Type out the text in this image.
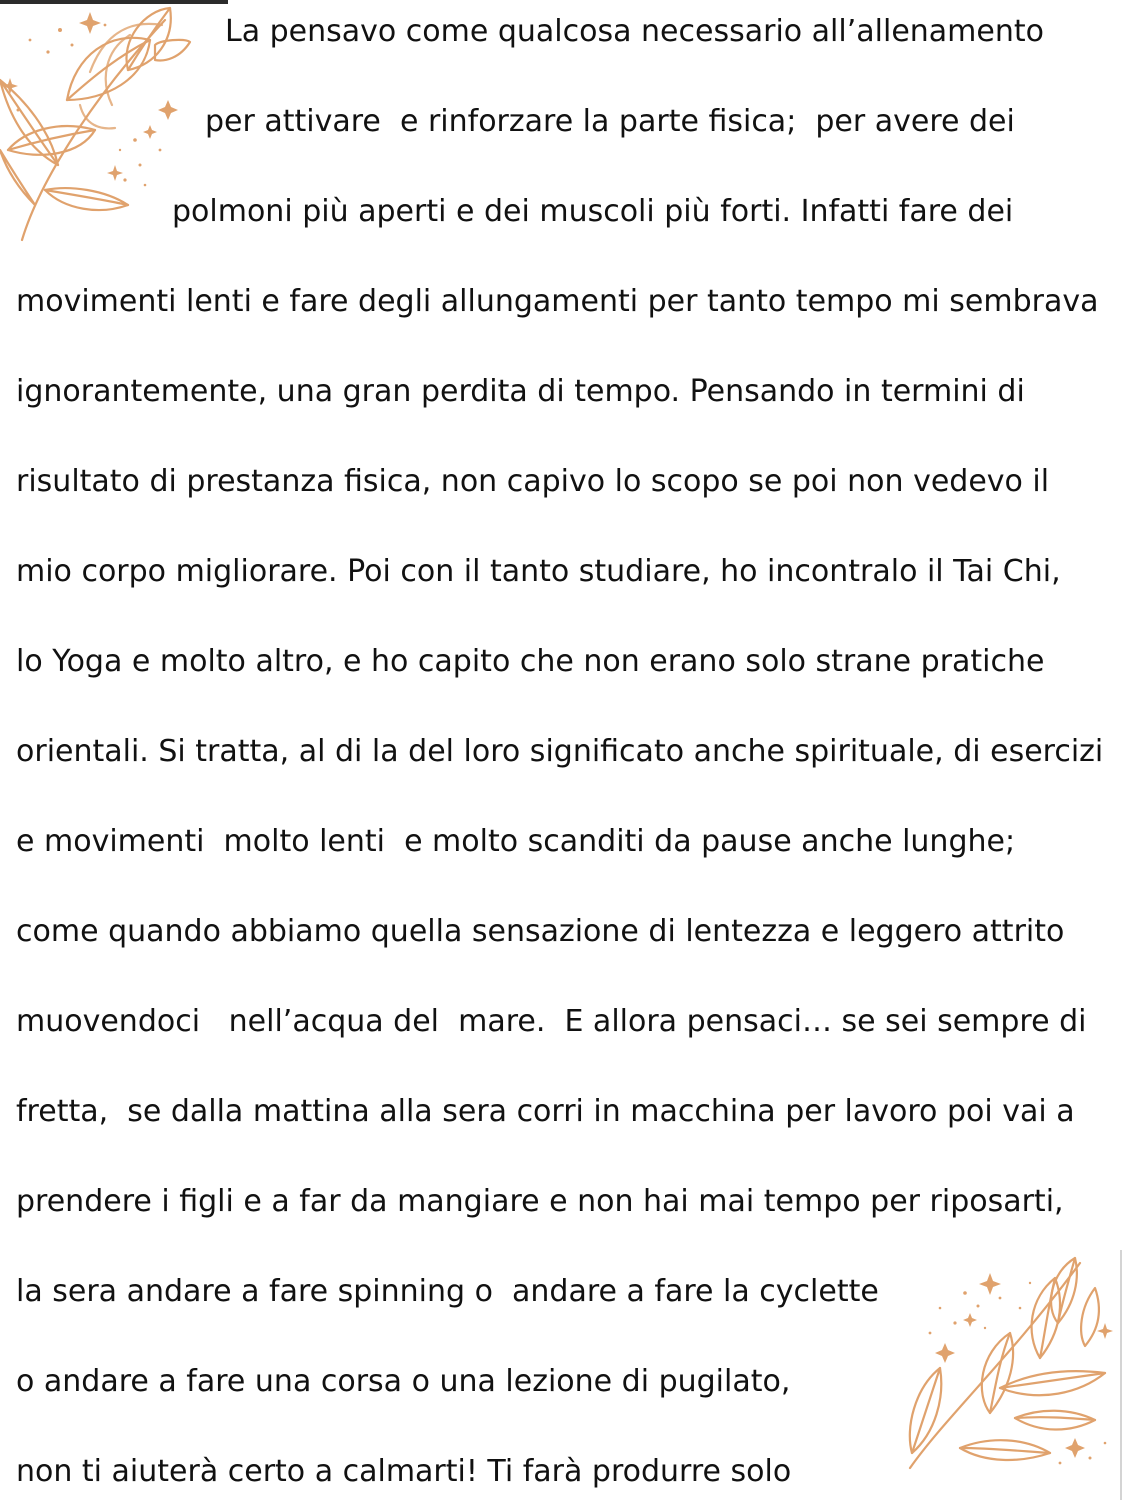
La pensavo come qualcosa necessario all’allenamento

per attivare  e rinforzare la parte fisica;  per avere dei

polmoni più aperti e dei muscoli più forti. Infatti fare dei

movimenti lenti e fare degli allungamenti per tanto tempo mi sembrava

ignorantemente, una gran perdita di tempo. Pensando in termini di

risultato di prestanza fisica, non capivo lo scopo se poi non vedevo il

mio corpo migliorare. Poi con il tanto studiare, ho incontralo il Tai Chi,

lo Yoga e molto altro, e ho capito che non erano solo strane pratiche

orientali. Si tratta, al di la del loro significato anche spirituale, di esercizi

e movimenti  molto lenti  e molto scanditi da pause anche lunghe;

come quando abbiamo quella sensazione di lentezza e leggero attrito

muovendoci   nell’acqua del  mare.  E allora pensaci… se sei sempre di

fretta,  se dalla mattina alla sera corri in macchina per lavoro poi vai a

prendere i figli e a far da mangiare e non hai mai tempo per riposarti,

la sera andare a fare spinning o  andare a fare la cyclette

o andare a fare una corsa o una lezione di pugilato,

non ti aiuterà certo a calmarti! Ti farà produrre solo
